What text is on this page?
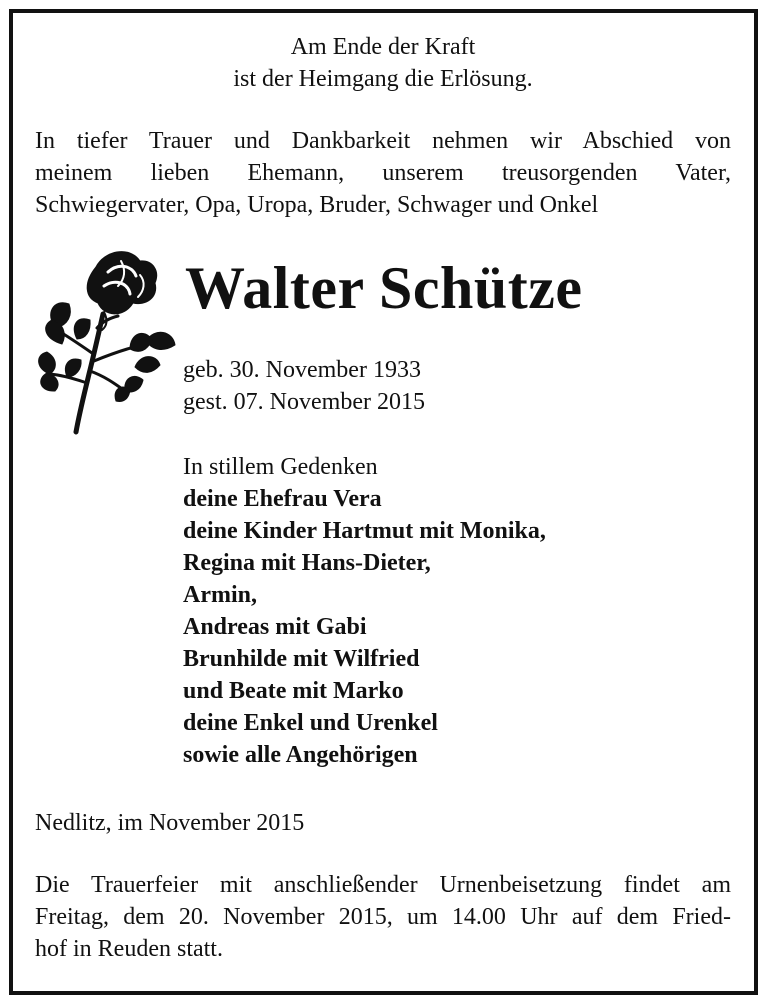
Am Ende der Kraft
ist der Heimgang die Erlösung.
In tiefer Trauer und Dankbarkeit nehmen wir Abschied von
meinem lieben Ehemann, unserem treusorgenden Vater,
Schwiegervater, Opa, Uropa, Bruder, Schwager und Onkel
Walter Schütze
geb. 30. November 1933
gest. 07. November 2015
In stillem Gedenken
deine Ehefrau Vera
deine Kinder Hartmut mit Monika,
Regina mit Hans-Dieter,
Armin,
Andreas mit Gabi
Brunhilde mit Wilfried
und Beate mit Marko
deine Enkel und Urenkel
sowie alle Angehörigen
Nedlitz, im November 2015
Die Trauerfeier mit anschließender Urnenbeisetzung findet am
Freitag, dem 20. November 2015, um 14.00 Uhr auf dem Fried-
hof in Reuden statt.
